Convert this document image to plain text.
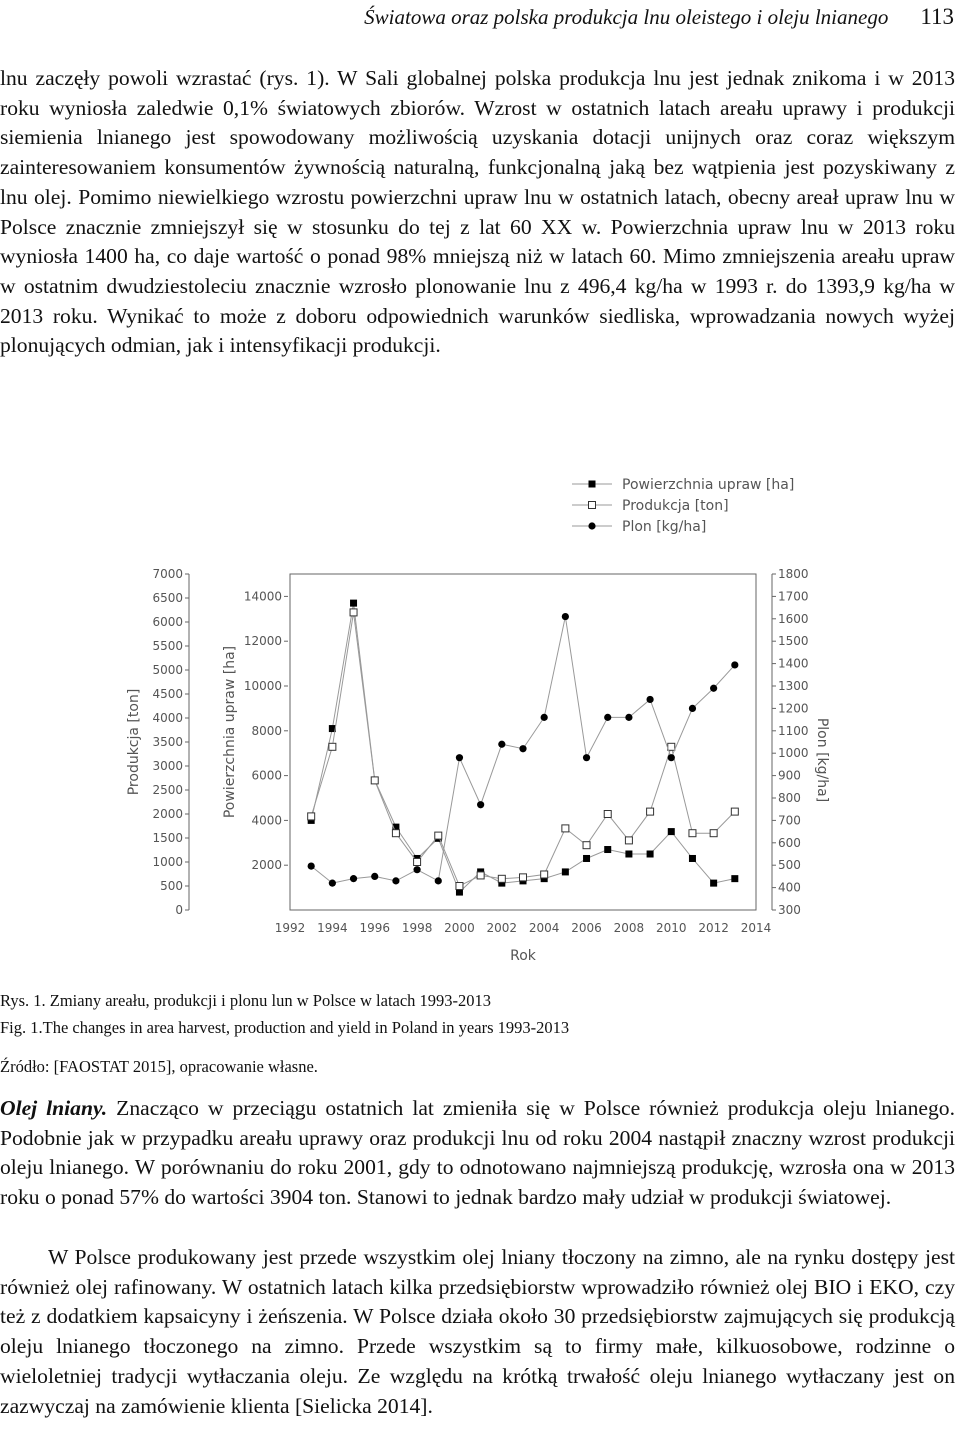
Światowa oraz polska produkcja lnu oleistego i oleju lnianego 113

lnu zaczęły powoli wzrastać (rys. 1). W Sali globalnej polska produkcja lnu jest jednak znikoma i w 2013 roku wyniosła zaledwie 0,1% światowych zbiorów. Wzrost w ostatnich latach areału uprawy i produkcji siemienia lnianego jest spowodowany możliwością uzyskania dotacji unijnych oraz coraz większym zainteresowaniem konsumentów żywnością naturalną, funkcjonalną jaką bez wątpienia jest pozyskiwany z lnu olej. Pomimo niewielkiego wzrostu powierzchni upraw lnu w ostatnich latach, obecny areał upraw lnu w Polsce znacznie zmniejszył się w stosunku do tej z lat 60 XX w. Powierzchnia upraw lnu w 2013 roku wyniosła 1400 ha, co daje wartość o ponad 98% mniejszą niż w latach 60. Mimo zmniejszenia areału upraw w ostatnim dwudziestoleciu znacznie wzrosło plonowanie lnu z 496,4 kg/ha w 1993 r. do 1393,9 kg/ha w 2013 roku. Wynikać to może z doboru odpowiednich warunków siedliska, wprowadzania nowych wyżej plonujących odmian, jak i intensyfikacji produkcji.

Powierzchnia upraw [ha]
Produkcja [ton]
Plon [kg/ha]
1992 1994 1996 1998 2000 2002 2004 2006 2008 2010 2012 2014
Rok
0
500
1000
1500
2000
2500
3000
3500
4000
4500
5000
5500
6000
6500
7000
Produkcja [ton]
2000
4000
6000
8000
10000
12000
14000
Powierzchnia upraw [ha]
300
400
500
600
700
800
900
1000
1100
1200
1300
1400
1500
1600
1700
1800
Plon [kg/ha]

Rys. 1. Zmiany areału, produkcji i plonu lun w Polsce w latach 1993-2013

Fig. 1.The changes in area harvest, production and yield in Poland in years 1993-2013

Źródło: [FAOSTAT 2015], opracowanie własne.

Olej lniany. Znacząco w przeciągu ostatnich lat zmieniła się w Polsce również produkcja oleju lnianego. Podobnie jak w przypadku areału uprawy oraz produkcji lnu od roku 2004 nastąpił znaczny wzrost produkcji oleju lnianego. W porównaniu do roku 2001, gdy to odnotowano najmniejszą produkcję, wzrosła ona w 2013 roku o ponad 57% do wartości 3904 ton. Stanowi to jednak bardzo mały udział w produkcji światowej.

W Polsce produkowany jest przede wszystkim olej lniany tłoczony na zimno, ale na rynku dostępy jest również olej rafinowany. W ostatnich latach kilka przedsiębiorstw wprowadziło również olej BIO i EKO, czy też z dodatkiem kapsaicyny i żeńszenia. W Polsce działa około 30 przedsiębiorstw zajmujących się produkcją oleju lnianego tłoczonego na zimno. Przede wszystkim są to firmy małe, kilkuosobowe, rodzinne o wieloletniej tradycji wytłaczania oleju. Ze względu na krótką trwałość oleju lnianego wytłaczany jest on zazwyczaj na zamówienie klienta [Sielicka 2014].
